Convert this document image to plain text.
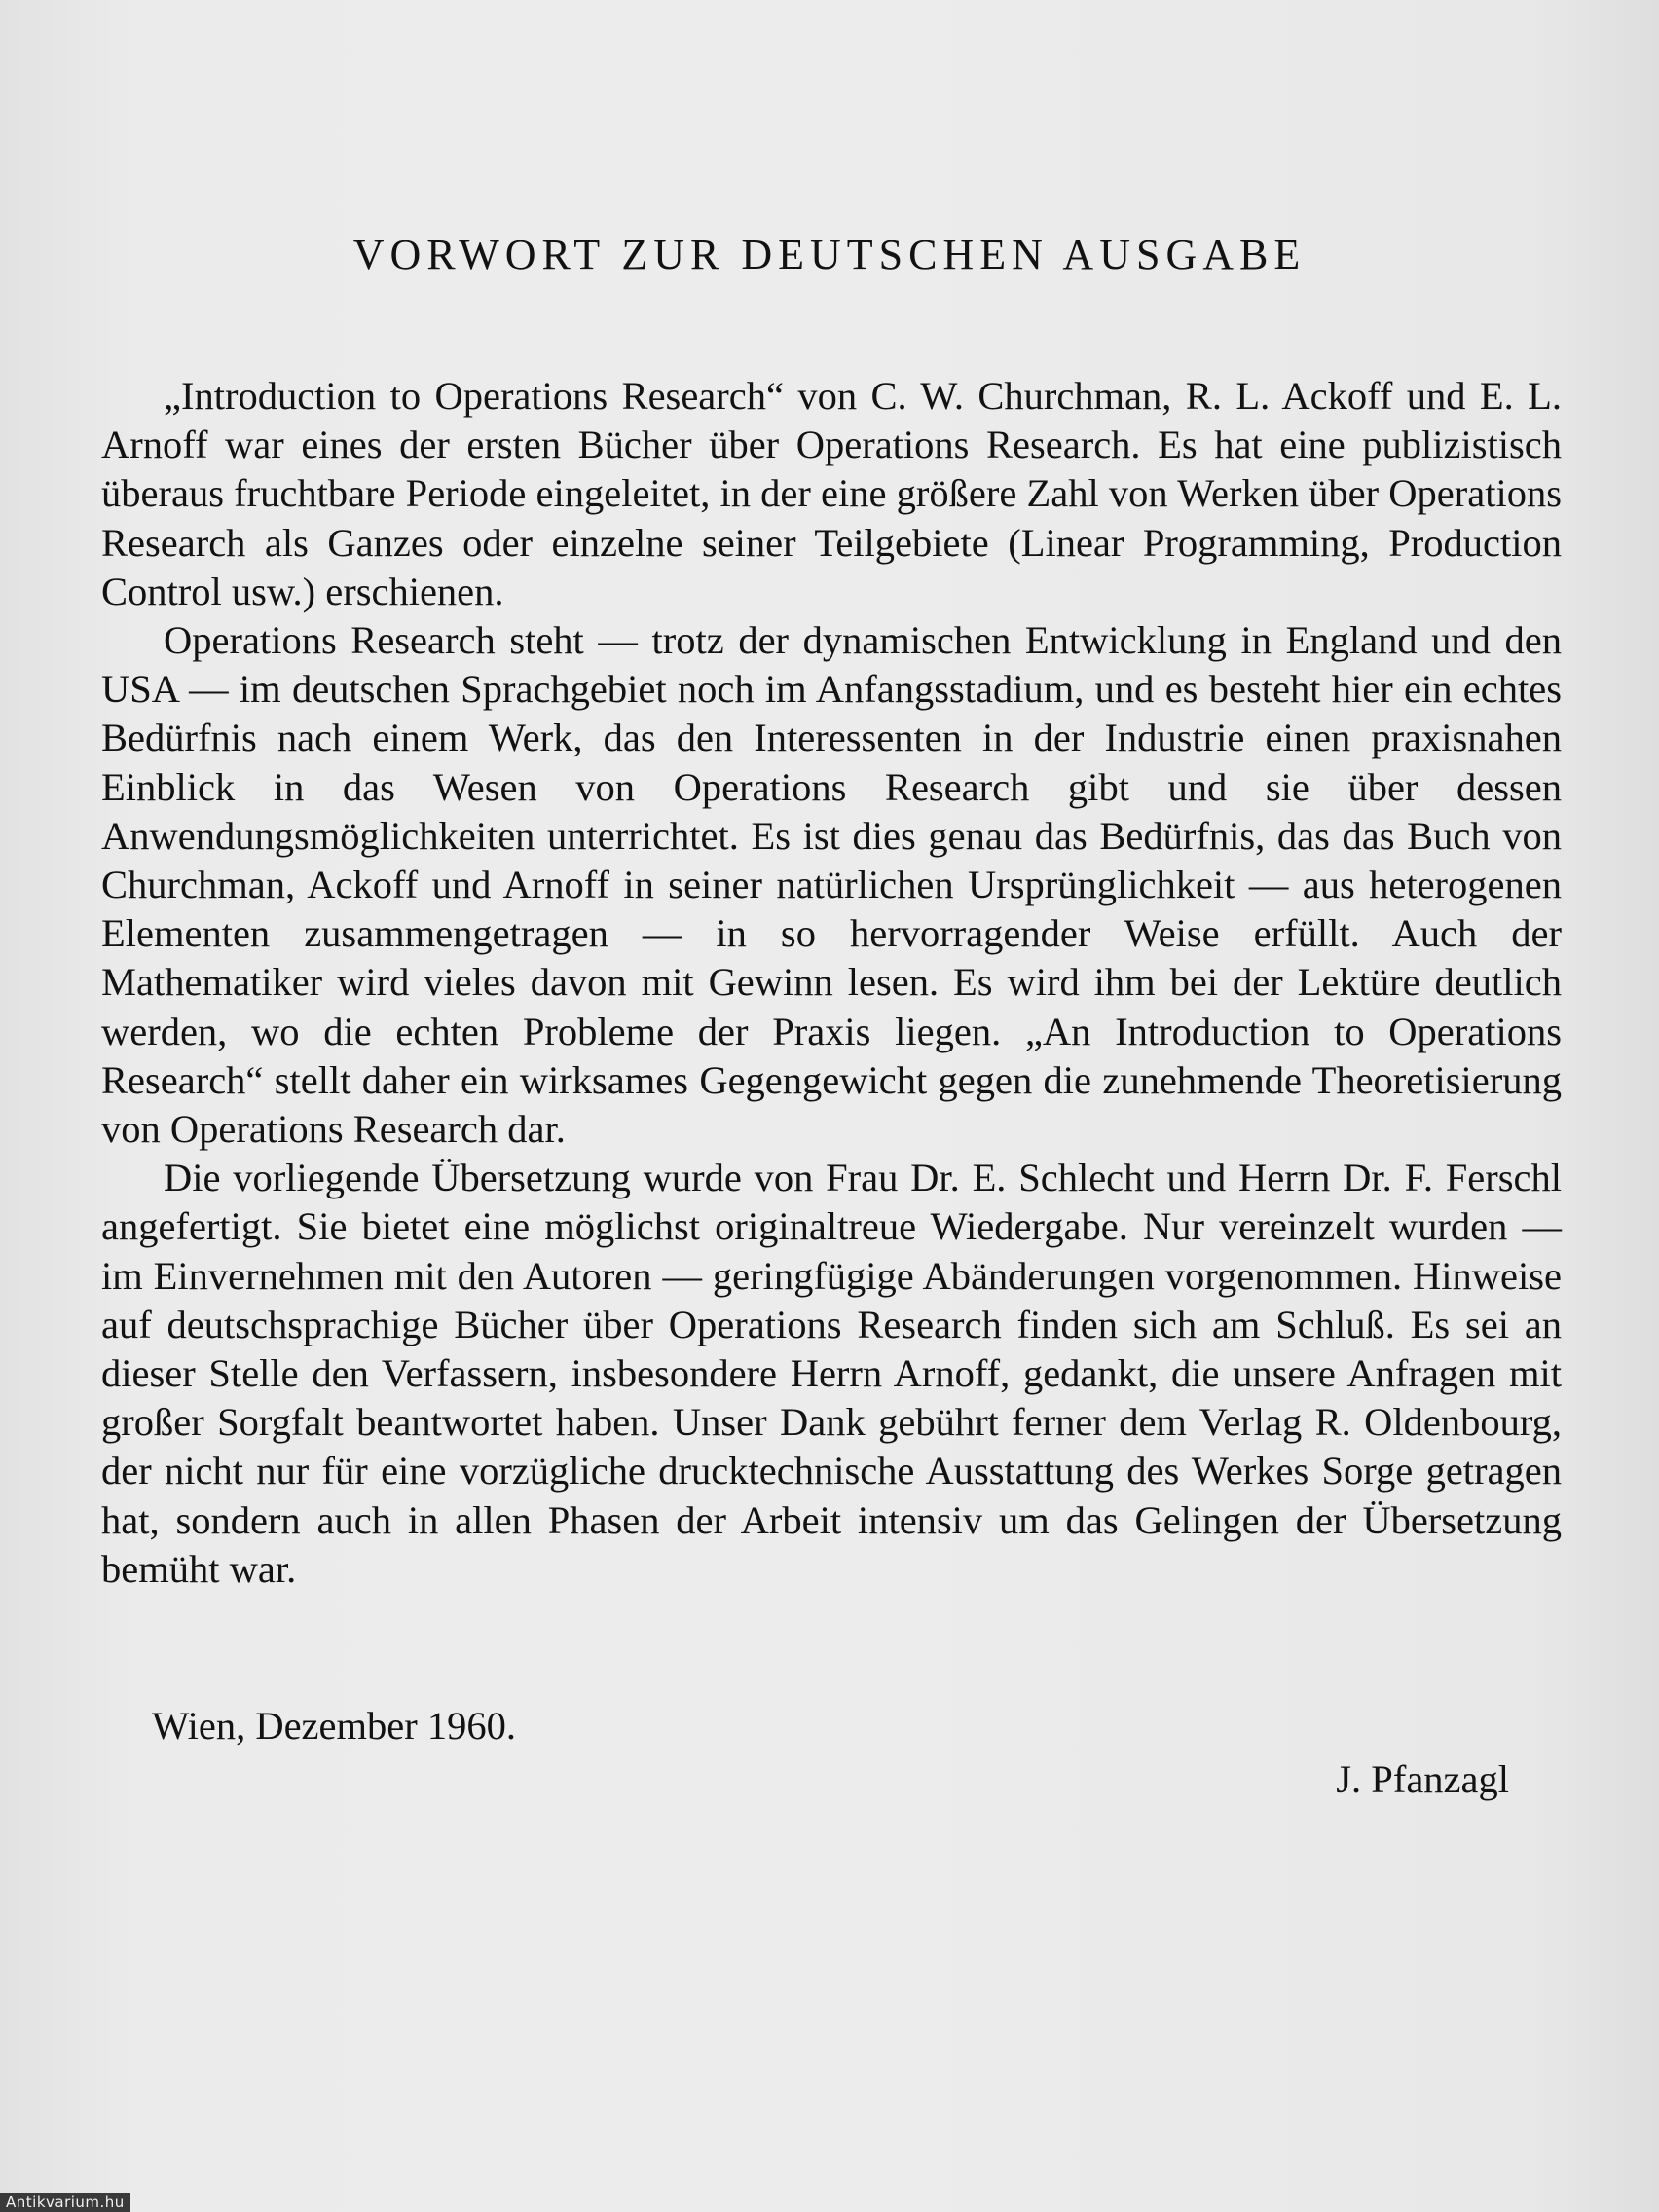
VORWORT ZUR DEUTSCHEN AUSGABE

„Introduction to Operations Research“ von C. W. Churchman, R. L. Ackoff und E. L. Arnoff war eines der ersten Bücher über Operations Research. Es hat eine publizistisch überaus fruchtbare Periode eingeleitet, in der eine größere Zahl von Werken über Operations Research als Ganzes oder einzelne seiner Teilgebiete (Linear Programming, Production Control usw.) erschienen.

Operations Research steht — trotz der dynamischen Entwicklung in England und den USA — im deutschen Sprachgebiet noch im Anfangsstadium, und es besteht hier ein echtes Bedürfnis nach einem Werk, das den Interessenten in der Industrie einen praxisnahen Einblick in das Wesen von Operations Research gibt und sie über dessen Anwendungsmöglichkeiten unterrichtet. Es ist dies genau das Bedürfnis, das das Buch von Churchman, Ackoff und Arnoff in seiner natürlichen Ursprünglichkeit — aus heterogenen Elementen zusammengetragen — in so hervorragender Weise erfüllt. Auch der Mathematiker wird vieles davon mit Gewinn lesen. Es wird ihm bei der Lektüre deutlich werden, wo die echten Probleme der Praxis liegen. „An Introduction to Operations Research“ stellt daher ein wirksames Gegengewicht gegen die zunehmende Theoretisierung von Operations Research dar.

Die vorliegende Übersetzung wurde von Frau Dr. E. Schlecht und Herrn Dr. F. Ferschl angefertigt. Sie bietet eine möglichst originaltreue Wiedergabe. Nur vereinzelt wurden — im Einvernehmen mit den Autoren — geringfügige Abänderungen vorgenommen. Hinweise auf deutschsprachige Bücher über Operations Research finden sich am Schluß. Es sei an dieser Stelle den Verfassern, insbesondere Herrn Arnoff, gedankt, die unsere Anfragen mit großer Sorgfalt beantwortet haben. Unser Dank gebührt ferner dem Verlag R. Oldenbourg, der nicht nur für eine vorzügliche drucktechnische Ausstattung des Werkes Sorge getragen hat, sondern auch in allen Phasen der Arbeit intensiv um das Gelingen der Übersetzung bemüht war.

Wien, Dezember 1960.

J. Pfanzagl

Antikvarium.hu
